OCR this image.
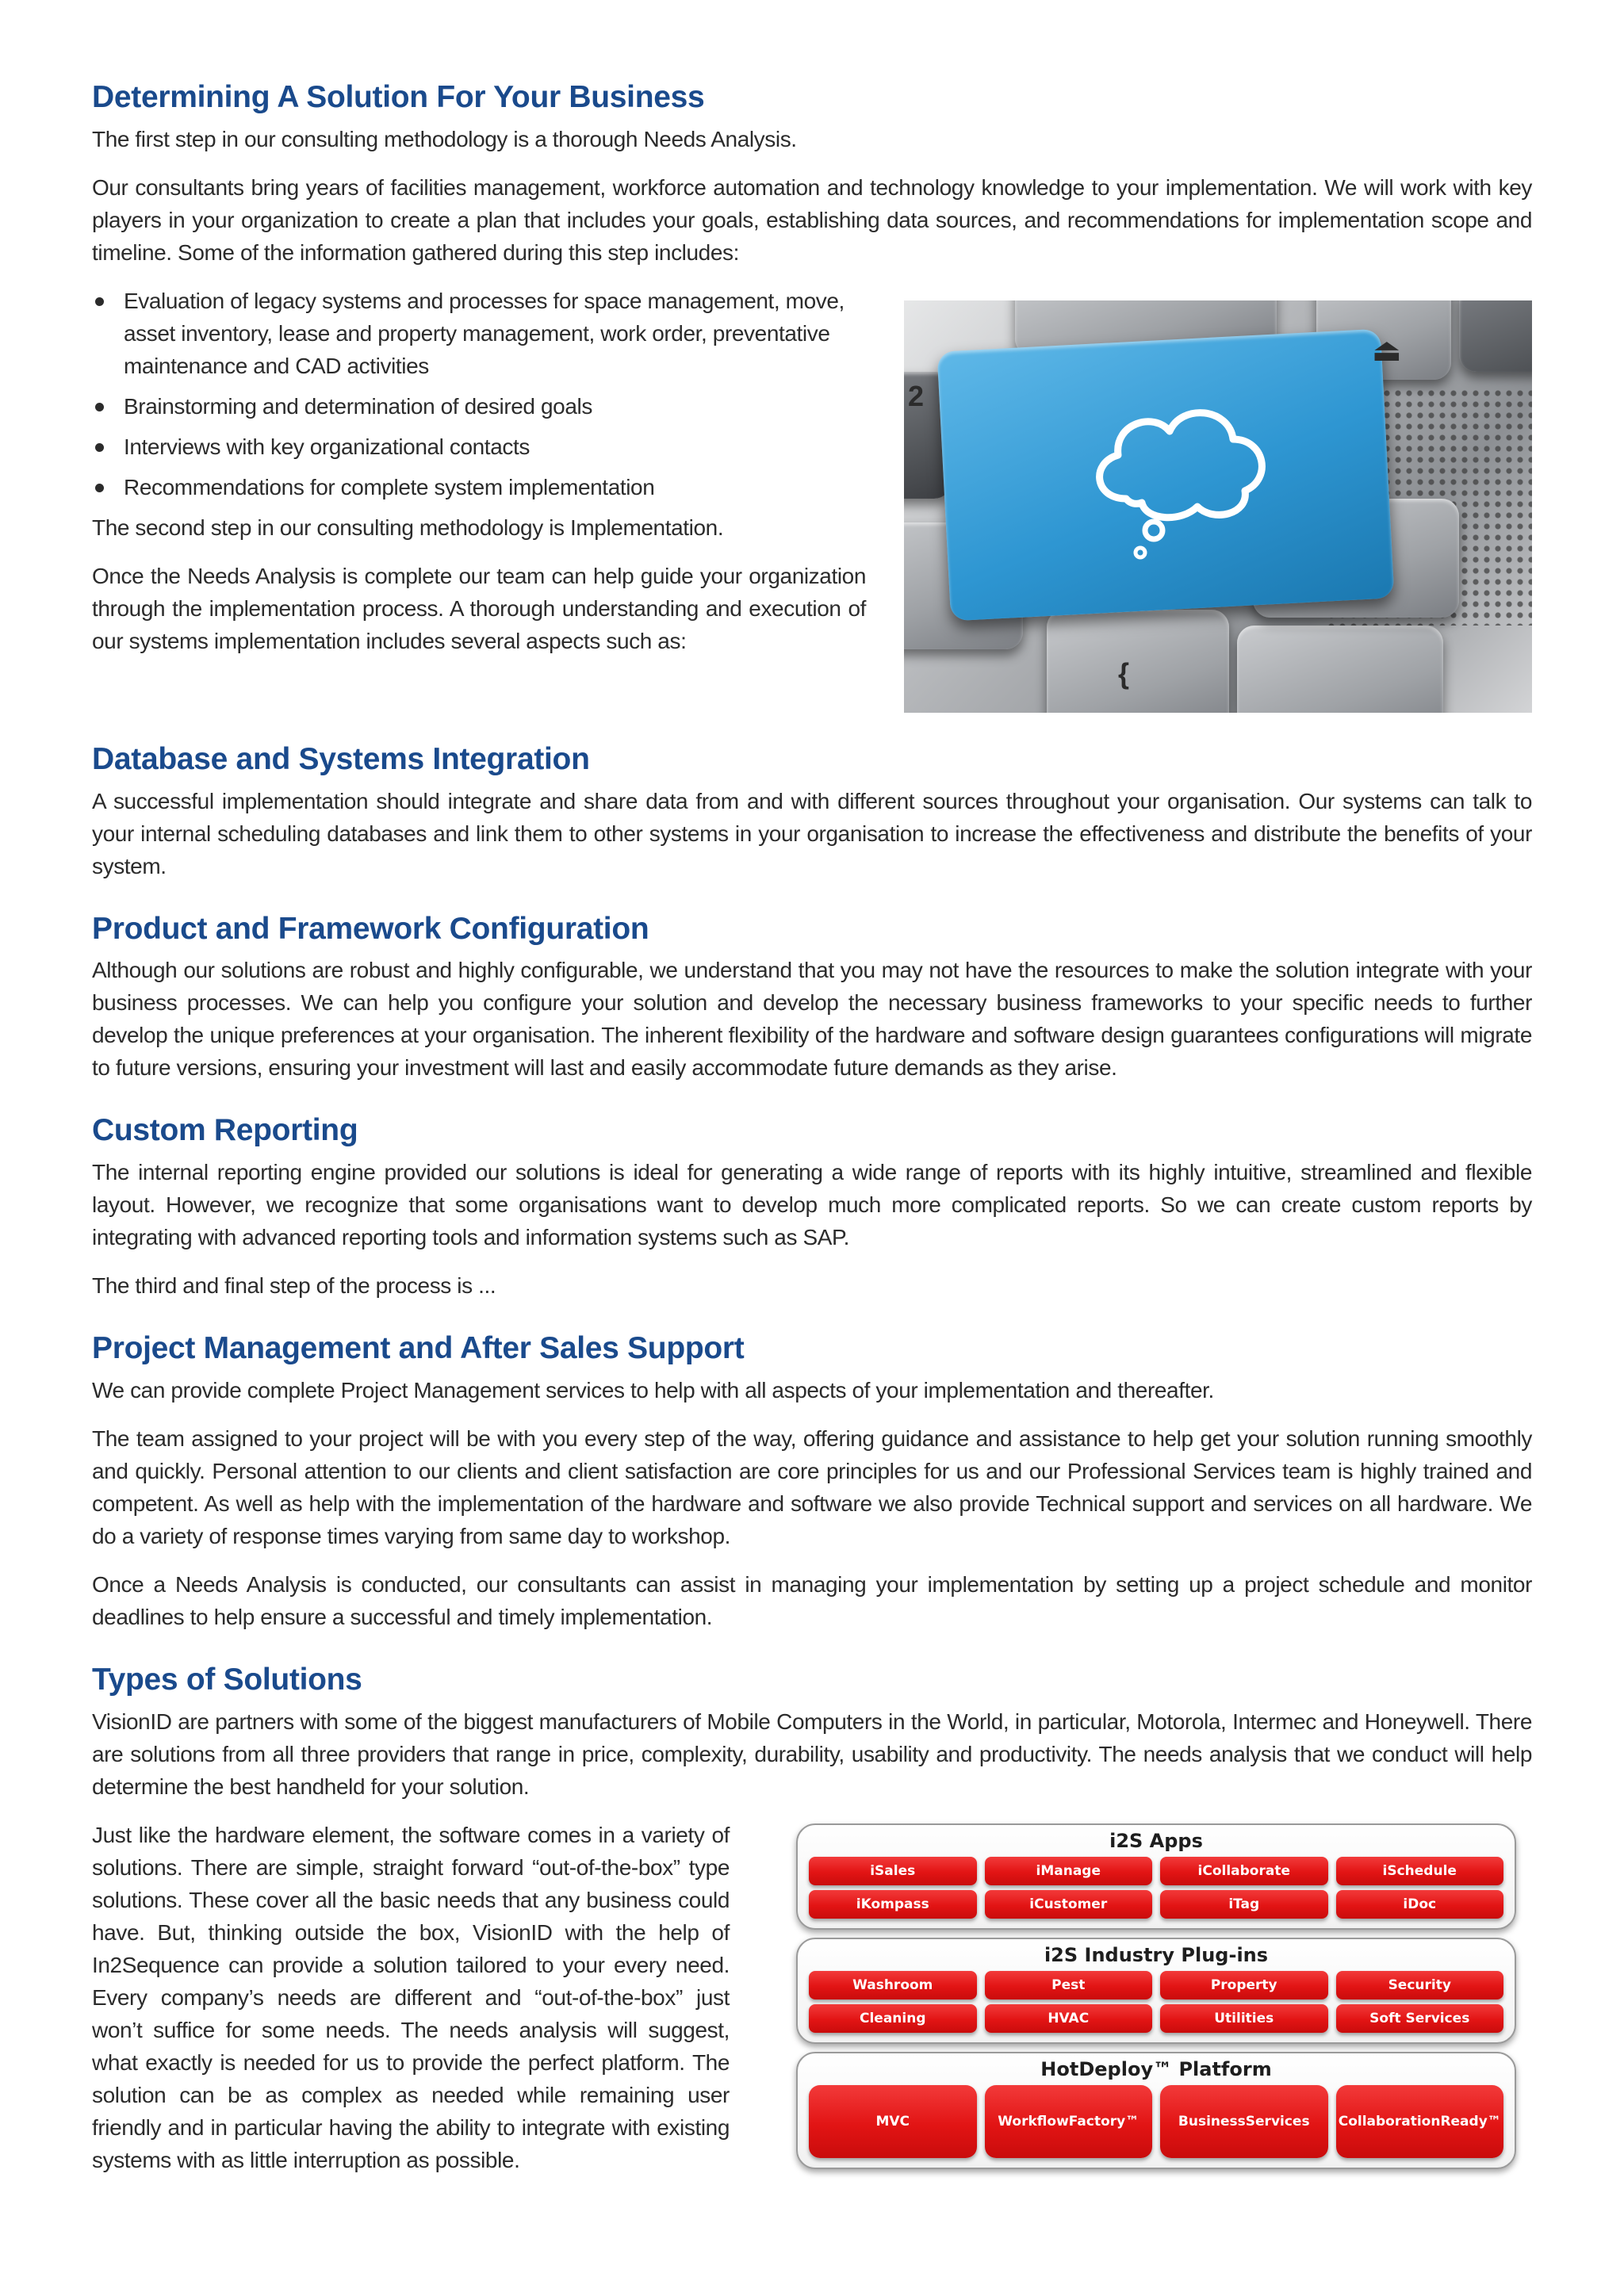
Determining A Solution For Your Business

The first step in our consulting methodology is a thorough Needs Analysis.

Our consultants bring years of facilities management, workforce automation and technology knowledge to your implementation. We will work with key players in your organization to create a plan that includes your goals, establishing data sources, and recommendations for implementation scope and timeline. Some of the information gathered during this step includes:

Evaluation of legacy systems and processes for space management, move, asset inventory, lease and property management, work order, preventative maintenance and CAD activities
Brainstorming and determination of desired goals
Interviews with key organizational contacts
Recommendations for complete system implementation

The second step in our consulting methodology is Implementation.

Once the Needs Analysis is complete our team can help guide your organization through the implementation process. A thorough understanding and execution of our systems implementation includes several aspects such as:

⏏
{
2
Database and Systems Integration

A successful implementation should integrate and share data from and with different sources throughout your organisation. Our systems can talk to your internal scheduling databases and link them to other systems in your organisation to increase the effectiveness and distribute the benefits of your system.

Product and Framework Configuration

Although our solutions are robust and highly configurable, we understand that you may not have the resources to make the solution integrate with your business processes. We can help you configure your solution and develop the necessary business frameworks to your specific needs to further develop the unique preferences at your organisation. The inherent flexibility of the hardware and software design guarantees configurations will migrate to future versions, ensuring your investment will last and easily accommodate future demands as they arise.

Custom Reporting

The internal reporting engine provided our solutions is ideal for generating a wide range of reports with its highly intuitive, streamlined and flexible layout. However, we recognize that some organisations want to develop much more complicated reports. So we can create custom reports by integrating with advanced reporting tools and information systems such as SAP.

The third and final step of the process is ...

Project Management and After Sales Support

We can provide complete Project Management services to help with all aspects of your implementation and thereafter.

The team assigned to your project will be with you every step of the way, offering guidance and assistance to help get your solution running smoothly and quickly. Personal attention to our clients and client satisfaction are core principles for us and our Professional Services team is highly trained and competent. As well as help with the implementation of the hardware and software we also provide Technical support and services on all hardware. We do a variety of response times varying from same day to workshop.

Once a Needs Analysis is conducted, our consultants can assist in managing your implementation by setting up a project schedule and monitor deadlines to help ensure a successful and timely implementation.

Types of Solutions

VisionID are partners with some of the biggest manufacturers of Mobile Computers in the World, in particular, Motorola, Intermec and Honeywell. There are solutions from all three providers that range in price, complexity, durability, usability and productivity. The needs analysis that we conduct will help determine the best handheld for your solution.

Just like the hardware element, the software comes in a variety of solutions. There are simple, straight forward “out-of-the-box” type solutions. These cover all the basic needs that any business could have. But, thinking outside the box, VisionID with the help of In2Sequence can provide a solution tailored to your every need. Every company’s needs are different and “out-of-the-box” just won’t suffice for some needs. The needs analysis will suggest, what exactly is needed for us to provide the perfect platform. The solution can be as complex as needed while remaining user friendly and in particular having the ability to integrate with existing systems with as little interruption as possible.

i2S Apps
iSales	iManage	iCollaborate	iSchedule
iKompass	iCustomer	iTag	iDoc
i2S Industry Plug-ins
Washroom	Pest	Property	Security
Cleaning	HVAC	Utilities	Soft Services
HotDeploy™ Platform
MVC	WorkflowFactory™	BusinessServices	CollaborationReady™
